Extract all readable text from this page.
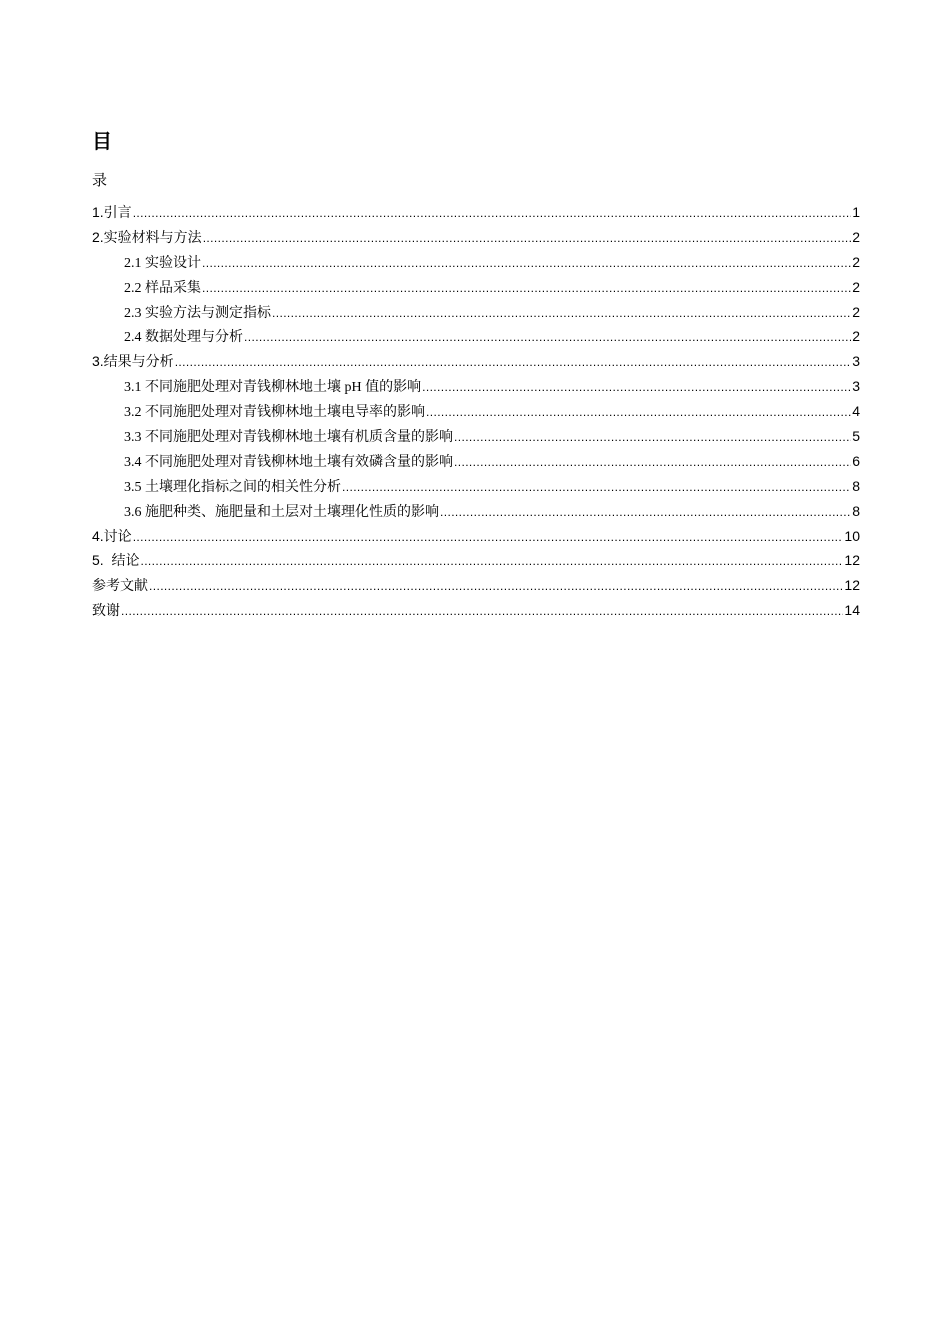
目
录
1.引言 .....	1
2.实验材料与方法 .....	2
2.1 实验设计 .....	2
2.2 样品采集 .....	2
2.3 实验方法与测定指标 .....	2
2.4 数据处理与分析 .....	2
3.结果与分析 .....	3
3.1 不同施肥处理对青钱柳林地土壤 pH 值的影响 .....	3
3.2 不同施肥处理对青钱柳林地土壤电导率的影响 .....	4
3.3 不同施肥处理对青钱柳林地土壤有机质含量的影响 .....	5
3.4 不同施肥处理对青钱柳林地土壤有效磷含量的影响 .....	6
3.5 土壤理化指标之间的相关性分析 .....	8
3.6 施肥种类、施肥量和土层对土壤理化性质的影响 .....	8
4.讨论 .....	10
5.  结论 .....	12
参考文献 .....	12
致谢 .....	14
